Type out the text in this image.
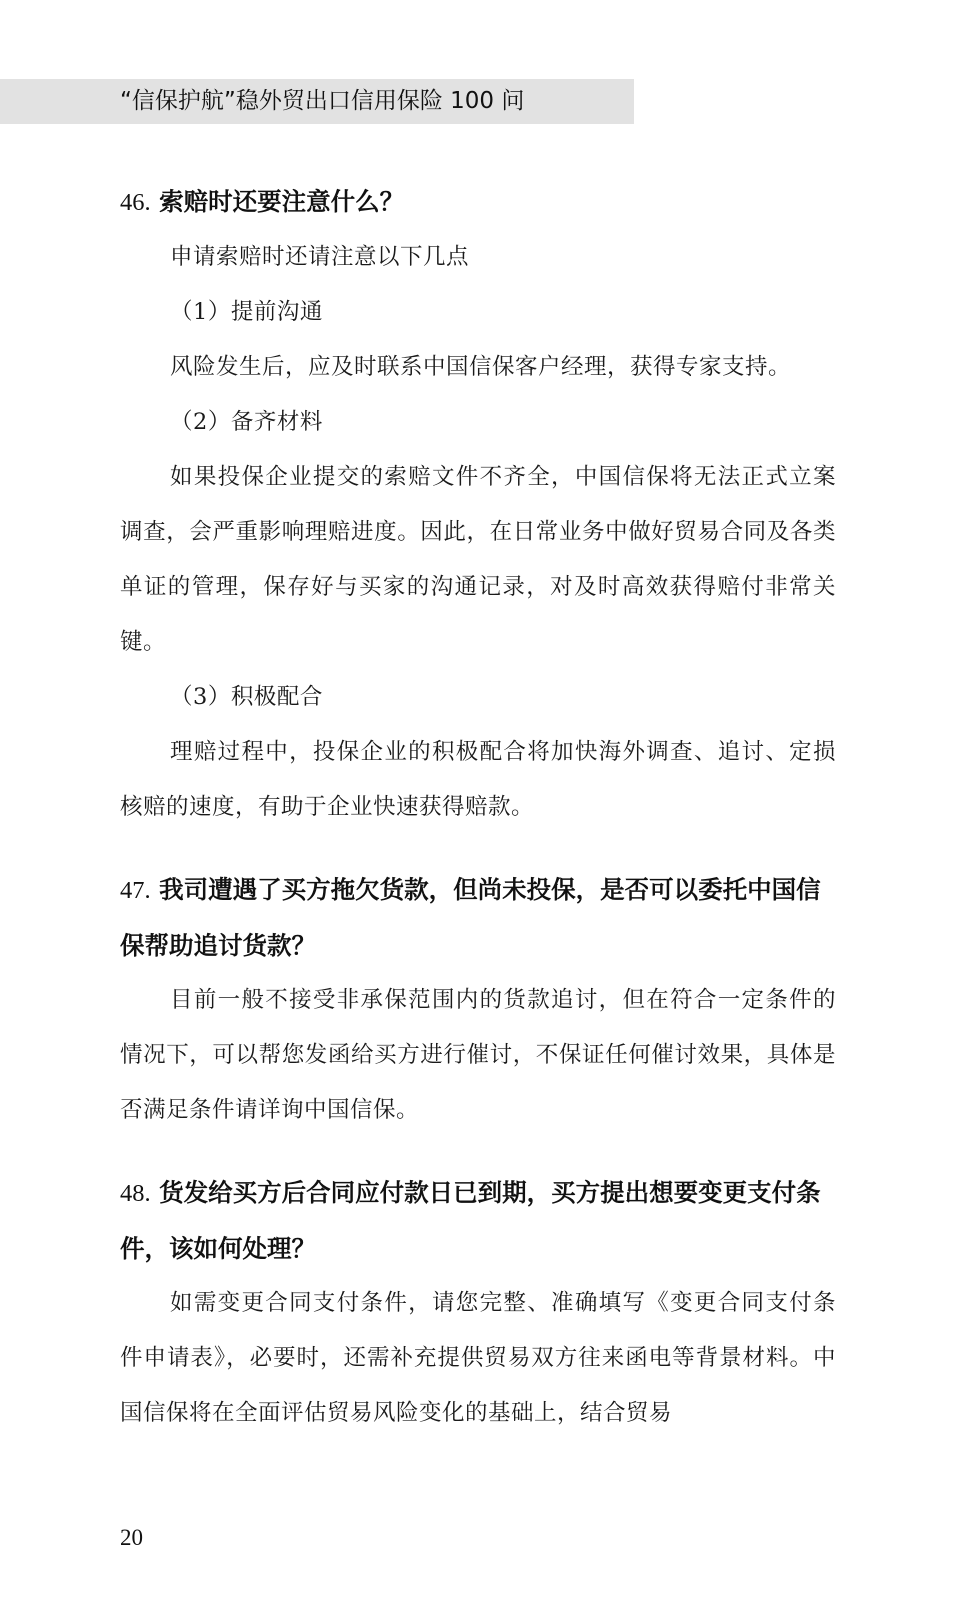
“信保护航”稳外贸出口信用保险 100 问
46. 索赔时还要注意什么？

申请索赔时还请注意以下几点

（1）提前沟通

风险发生后，应及时联系中国信保客户经理，获得专家支持。

（2）备齐材料

如果投保企业提交的索赔文件不齐全，中国信保将无法正式立案调查，会严重影响理赔进度。因此，在日常业务中做好贸易合同及各类单证的管理，保存好与买家的沟通记录，对及时高效获得赔付非常关键。

（3）积极配合

理赔过程中，投保企业的积极配合将加快海外调查、追讨、定损核赔的速度，有助于企业快速获得赔款。

47. 我司遭遇了买方拖欠货款，但尚未投保，是否可以委托中国信保帮助追讨货款？

目前一般不接受非承保范围内的货款追讨，但在符合一定条件的情况下，可以帮您发函给买方进行催讨，不保证任何催讨效果，具体是否满足条件请详询中国信保。

48. 货发给买方后合同应付款日已到期，买方提出想要变更支付条件，该如何处理？

如需变更合同支付条件，请您完整、准确填写《变更合同支付条件申请表》，必要时，还需补充提供贸易双方往来函电等背景材料。中国信保将在全面评估贸易风险变化的基础上，结合贸易

20
